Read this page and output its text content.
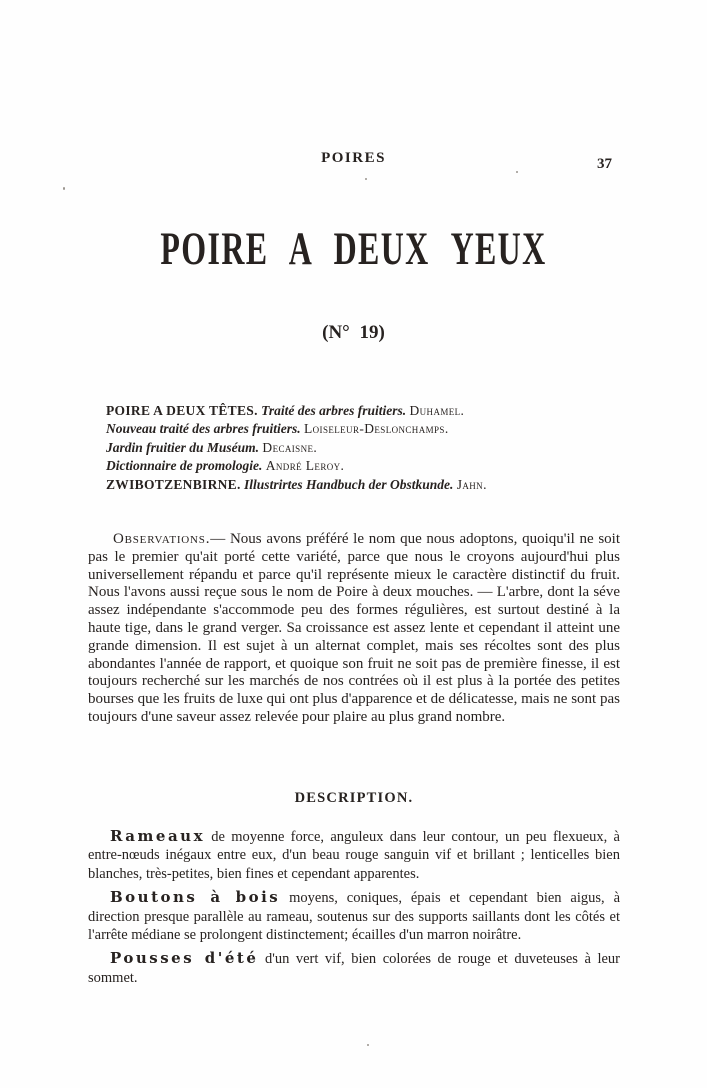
POIRES	37
POIRE A DEUX YEUX
(N° 19)
POIRE A DEUX TÊTES. Traité des arbres fruitiers. Duhamel.
Nouveau traité des arbres fruitiers. Loiseleur-Deslonchamps.
Jardin fruitier du Muséum. Decaisne.
Dictionnaire de promologie. André Leroy.
ZWIBOTZENBIRNE. Illustrirtes Handbuch der Obstkunde. Jahn.

Observations.— Nous avons préféré le nom que nous adoptons, quoiqu'il ne soit pas le premier qu'ait porté cette variété, parce que nous le croyons aujourd'hui plus universellement répandu et parce qu'il représente mieux le caractère distinctif du fruit. Nous l'avons aussi reçue sous le nom de Poire à deux mouches. — L'arbre, dont la séve assez indépendante s'accommode peu des formes régulières, est surtout destiné à la haute tige, dans le grand verger. Sa croissance est assez lente et cependant il atteint une grande dimension. Il est sujet à un alternat complet, mais ses récoltes sont des plus abondantes l'année de rapport, et quoique son fruit ne soit pas de première finesse, il est toujours recherché sur les marchés de nos contrées où il est plus à la portée des petites bourses que les fruits de luxe qui ont plus d'apparence et de délicatesse, mais ne sont pas toujours d'une saveur assez relevée pour plaire au plus grand nombre.

DESCRIPTION.

Rameaux de moyenne force, anguleux dans leur contour, un peu flexueux, à entre-nœuds inégaux entre eux, d'un beau rouge sanguin vif et brillant ; lenticelles bien blanches, très-petites, bien fines et cependant apparentes.

Boutons à bois moyens, coniques, épais et cependant bien aigus, à direction presque parallèle au rameau, soutenus sur des supports saillants dont les côtés et l'arrête médiane se prolongent distinctement; écailles d'un marron noirâtre.

Pousses d'été d'un vert vif, bien colorées de rouge et duveteuses à leur sommet.
